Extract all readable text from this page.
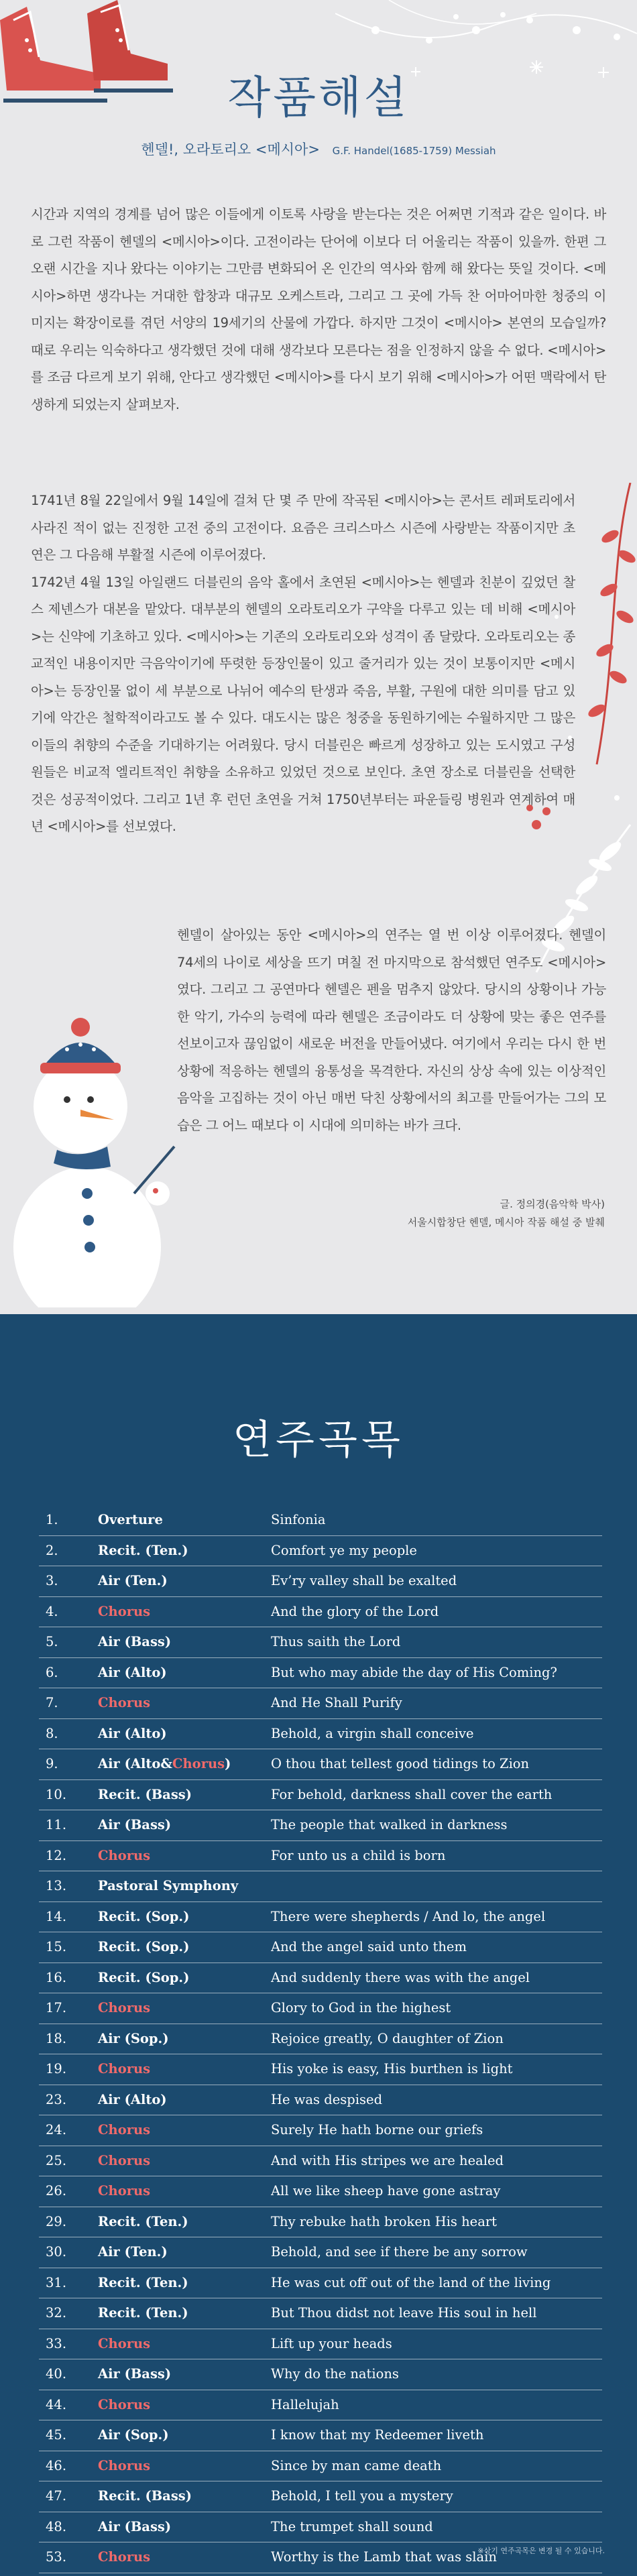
작품해설
헨델!, 오라토리오 <메시아> G.F. Handel(1685-1759) Messiah
시간과 지역의 경계를 넘어 많은 이들에게 이토록 사랑을 받는다는 것은 어쩌면 기적과 같은 일이다. 바로 그런 작품이 헨델의 <메시아>이다. 고전이라는 단어에 이보다 더 어울리는 작품이 있을까. 한편 그 오랜 시간을 지나 왔다는 이야기는 그만큼 변화되어 온 인간의 역사와 함께 해 왔다는 뜻일 것이다. <메시아>하면 생각나는 거대한 합창과 대규모 오케스트라, 그리고 그 곳에 가득 찬 어마어마한 청중의 이미지는 확장이로를 겪던 서양의 19세기의 산물에 가깝다. 하지만 그것이 <메시아> 본연의 모습일까? 때로 우리는 익숙하다고 생각했던 것에 대해 생각보다 모른다는 점을 인정하지 않을 수 없다. <메시아>를 조금 다르게 보기 위해, 안다고 생각했던 <메시아>를 다시 보기 위해 <메시아>가 어떤 맥락에서 탄생하게 되었는지 살펴보자.
1741년 8월 22일에서 9월 14일에 걸쳐 단 몇 주 만에 작곡된 <메시아>는 콘서트 레퍼토리에서 사라진 적이 없는 진정한 고전 중의 고전이다. 요즘은 크리스마스 시즌에 사랑받는 작품이지만 초연은 그 다음해 부활절 시즌에 이루어졌다.
1742년 4월 13일 아일랜드 더블린의 음악 홀에서 초연된 <메시아>는 헨델과 친분이 깊었던 찰스 제넨스가 대본을 맡았다. 대부분의 헨델의 오라토리오가 구약을 다루고 있는 데 비해 <메시아>는 신약에 기초하고 있다. <메시아>는 기존의 오라토리오와 성격이 좀 달랐다. 오라토리오는 종교적인 내용이지만 극음악이기에 뚜렷한 등장인물이 있고 줄거리가 있는 것이 보통이지만 <메시아>는 등장인물 없이 세 부분으로 나뉘어 예수의 탄생과 죽음, 부활, 구원에 대한 의미를 담고 있기에 악간은 철학적이라고도 볼 수 있다. 대도시는 많은 청중을 동원하기에는 수월하지만 그 많은 이들의 취향의 수준을 기대하기는 어려웠다. 당시 더블린은 빠르게 성장하고 있는 도시였고 구성원들은 비교적 엘리트적인 취향을 소유하고 있었던 것으로 보인다. 초연 장소로 더블린을 선택한 것은 성공적이었다. 그리고 1년 후 런던 초연을 거쳐 1750년부터는 파운들링 병원과 연계하여 매년 <메시아>를 선보였다.
헨델이 살아있는 동안 <메시아>의 연주는 열 번 이상 이루어졌다. 헨델이 74세의 나이로 세상을 뜨기 며칠 전 마지막으로 참석했던 연주도 <메시아>였다. 그리고 그 공연마다 헨델은 펜을 멈추지 않았다. 당시의 상황이나 가능한 악기, 가수의 능력에 따라 헨델은 조금이라도 더 상황에 맞는 좋은 연주를 선보이고자 끊임없이 새로운 버전을 만들어냈다. 여기에서 우리는 다시 한 번 상황에 적응하는 헨델의 융통성을 목격한다. 자신의 상상 속에 있는 이상적인 음악을 고집하는 것이 아닌 매번 닥친 상황에서의 최고를 만들어가는 그의 모습은 그 어느 때보다 이 시대에 의미하는 바가 크다.
글. 정의경(음악학 박사)
서울시합창단 헨델, 메시아 작품 해설 중 발췌
연주곡목
1.	Overture	Sinfonia
2.	Recit. (Ten.)	Comfort ye my people
3.	Air (Ten.)	Ev’ry valley shall be exalted
4.	Chorus	And the glory of the Lord
5.	Air (Bass)	Thus saith the Lord
6.	Air (Alto)	But who may abide the day of His Coming?
7.	Chorus	And He Shall Purify
8.	Air (Alto)	Behold, a virgin shall conceive
9.	Air (Alto&Chorus)	O thou that tellest good tidings to Zion
10.	Recit. (Bass)	For behold, darkness shall cover the earth
11.	Air (Bass)	The people that walked in darkness
12.	Chorus	For unto us a child is born
13.	Pastoral Symphony
14.	Recit. (Sop.)	There were shepherds / And lo, the angel
15.	Recit. (Sop.)	And the angel said unto them
16.	Recit. (Sop.)	And suddenly there was with the angel
17.	Chorus	Glory to God in the highest
18.	Air (Sop.)	Rejoice greatly, O daughter of Zion
19.	Chorus	His yoke is easy, His burthen is light
23.	Air (Alto)	He was despised
24.	Chorus	Surely He hath borne our griefs
25.	Chorus	And with His stripes we are healed
26.	Chorus	All we like sheep have gone astray
29.	Recit. (Ten.)	Thy rebuke hath broken His heart
30.	Air (Ten.)	Behold, and see if there be any sorrow
31.	Recit. (Ten.)	He was cut off out of the land of the living
32.	Recit. (Ten.)	But Thou didst not leave His soul in hell
33.	Chorus	Lift up your heads
40.	Air (Bass)	Why do the nations
44.	Chorus	Hallelujah
45.	Air (Sop.)	I know that my Redeemer liveth
46.	Chorus	Since by man came death
47.	Recit. (Bass)	Behold, I tell you a mystery
48.	Air (Bass)	The trumpet shall sound
53.	Chorus	Worthy is the Lamb that was slain
※상기 연주곡목은 변경 될 수 있습니다.
